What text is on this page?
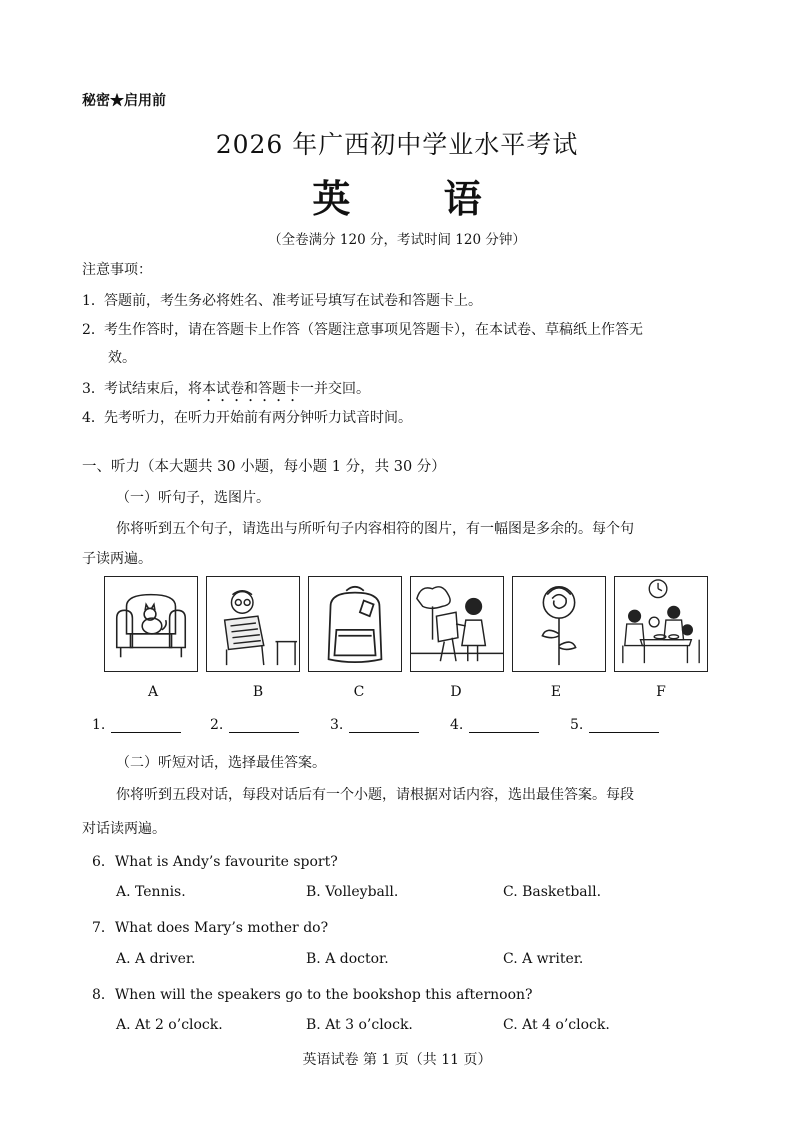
秘密★启用前
2026 年广西初中学业水平考试
英 语
（全卷满分 120 分，考试时间 120 分钟）
注意事项：
1．答题前，考生务必将姓名、准考证号填写在试卷和答题卡上。
2．考生作答时，请在答题卡上作答（答题注意事项见答题卡），在本试卷、草稿纸上作答无
效。
3．考试结束后，将本试卷和答题卡一并交回。
4．先考听力，在听力开始前有两分钟听力试音时间。
一、听力（本大题共 30 小题，每小题 1 分，共 30 分）
（一）听句子，选图片。
你将听到五个句子，请选出与所听句子内容相符的图片，有一幅图是多余的。每个句
子读两遍。
A	B	C	D	E	F
1.	2.	3.	4.	5.
（二）听短对话，选择最佳答案。
你将听到五段对话，每段对话后有一个小题，请根据对话内容，选出最佳答案。每段
对话读两遍。
6．What is Andy’s favourite sport?
A. Tennis.	B. Volleyball.	C. Basketball.
7．What does Mary’s mother do?
A. A driver.	B. A doctor.	C. A writer.
8．When will the speakers go to the bookshop this afternoon?
A. At 2 o’clock.	B. At 3 o’clock.	C. At 4 o’clock.
英语试卷 第 1 页（共 11 页）
